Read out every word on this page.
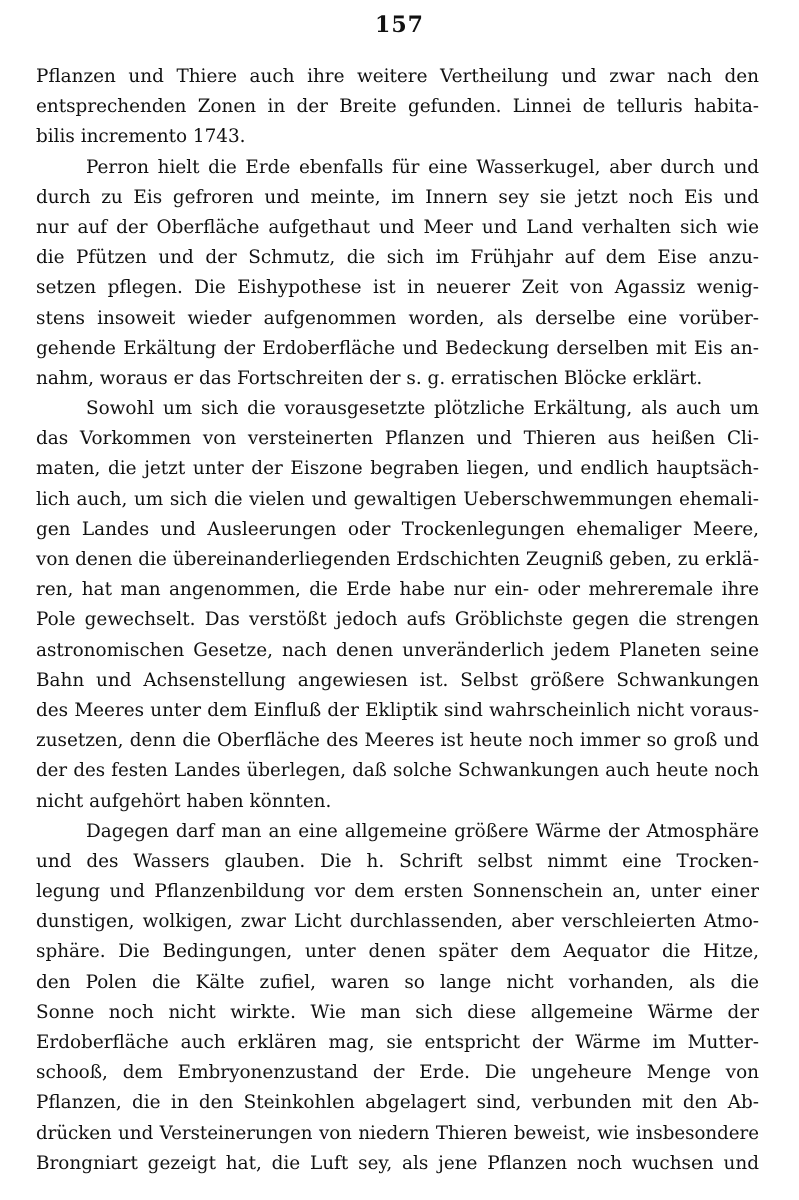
157
Pflanzen und Thiere auch ihre weitere Vertheilung und zwar nach den
entsprechenden Zonen in der Breite gefunden. Linnei de telluris habita-
bilis incremento 1743.
Perron hielt die Erde ebenfalls für eine Wasserkugel, aber durch und
durch zu Eis gefroren und meinte, im Innern sey sie jetzt noch Eis und
nur auf der Oberfläche aufgethaut und Meer und Land verhalten sich wie
die Pfützen und der Schmutz, die sich im Frühjahr auf dem Eise anzu-
setzen pflegen. Die Eishypothese ist in neuerer Zeit von Agassiz wenig-
stens insoweit wieder aufgenommen worden, als derselbe eine vorüber-
gehende Erkältung der Erdoberfläche und Bedeckung derselben mit Eis an-
nahm, woraus er das Fortschreiten der s. g. erratischen Blöcke erklärt.
Sowohl um sich die vorausgesetzte plötzliche Erkältung, als auch um
das Vorkommen von versteinerten Pflanzen und Thieren aus heißen Cli-
maten, die jetzt unter der Eiszone begraben liegen, und endlich hauptsäch-
lich auch, um sich die vielen und gewaltigen Ueberschwemmungen ehemali-
gen Landes und Ausleerungen oder Trockenlegungen ehemaliger Meere,
von denen die übereinanderliegenden Erdschichten Zeugniß geben, zu erklä-
ren, hat man angenommen, die Erde habe nur ein- oder mehreremale ihre
Pole gewechselt. Das verstößt jedoch aufs Gröblichste gegen die strengen
astronomischen Gesetze, nach denen unveränderlich jedem Planeten seine
Bahn und Achsenstellung angewiesen ist. Selbst größere Schwankungen
des Meeres unter dem Einfluß der Ekliptik sind wahrscheinlich nicht voraus-
zusetzen, denn die Oberfläche des Meeres ist heute noch immer so groß und
der des festen Landes überlegen, daß solche Schwankungen auch heute noch
nicht aufgehört haben könnten.
Dagegen darf man an eine allgemeine größere Wärme der Atmosphäre
und des Wassers glauben. Die h. Schrift selbst nimmt eine Trocken-
legung und Pflanzenbildung vor dem ersten Sonnenschein an, unter einer
dunstigen, wolkigen, zwar Licht durchlassenden, aber verschleierten Atmo-
sphäre. Die Bedingungen, unter denen später dem Aequator die Hitze,
den Polen die Kälte zufiel, waren so lange nicht vorhanden, als die
Sonne noch nicht wirkte. Wie man sich diese allgemeine Wärme der
Erdoberfläche auch erklären mag, sie entspricht der Wärme im Mutter-
schooß, dem Embryonenzustand der Erde. Die ungeheure Menge von
Pflanzen, die in den Steinkohlen abgelagert sind, verbunden mit den Ab-
drücken und Versteinerungen von niedern Thieren beweist, wie insbesondere
Brongniart gezeigt hat, die Luft sey, als jene Pflanzen noch wuchsen und
